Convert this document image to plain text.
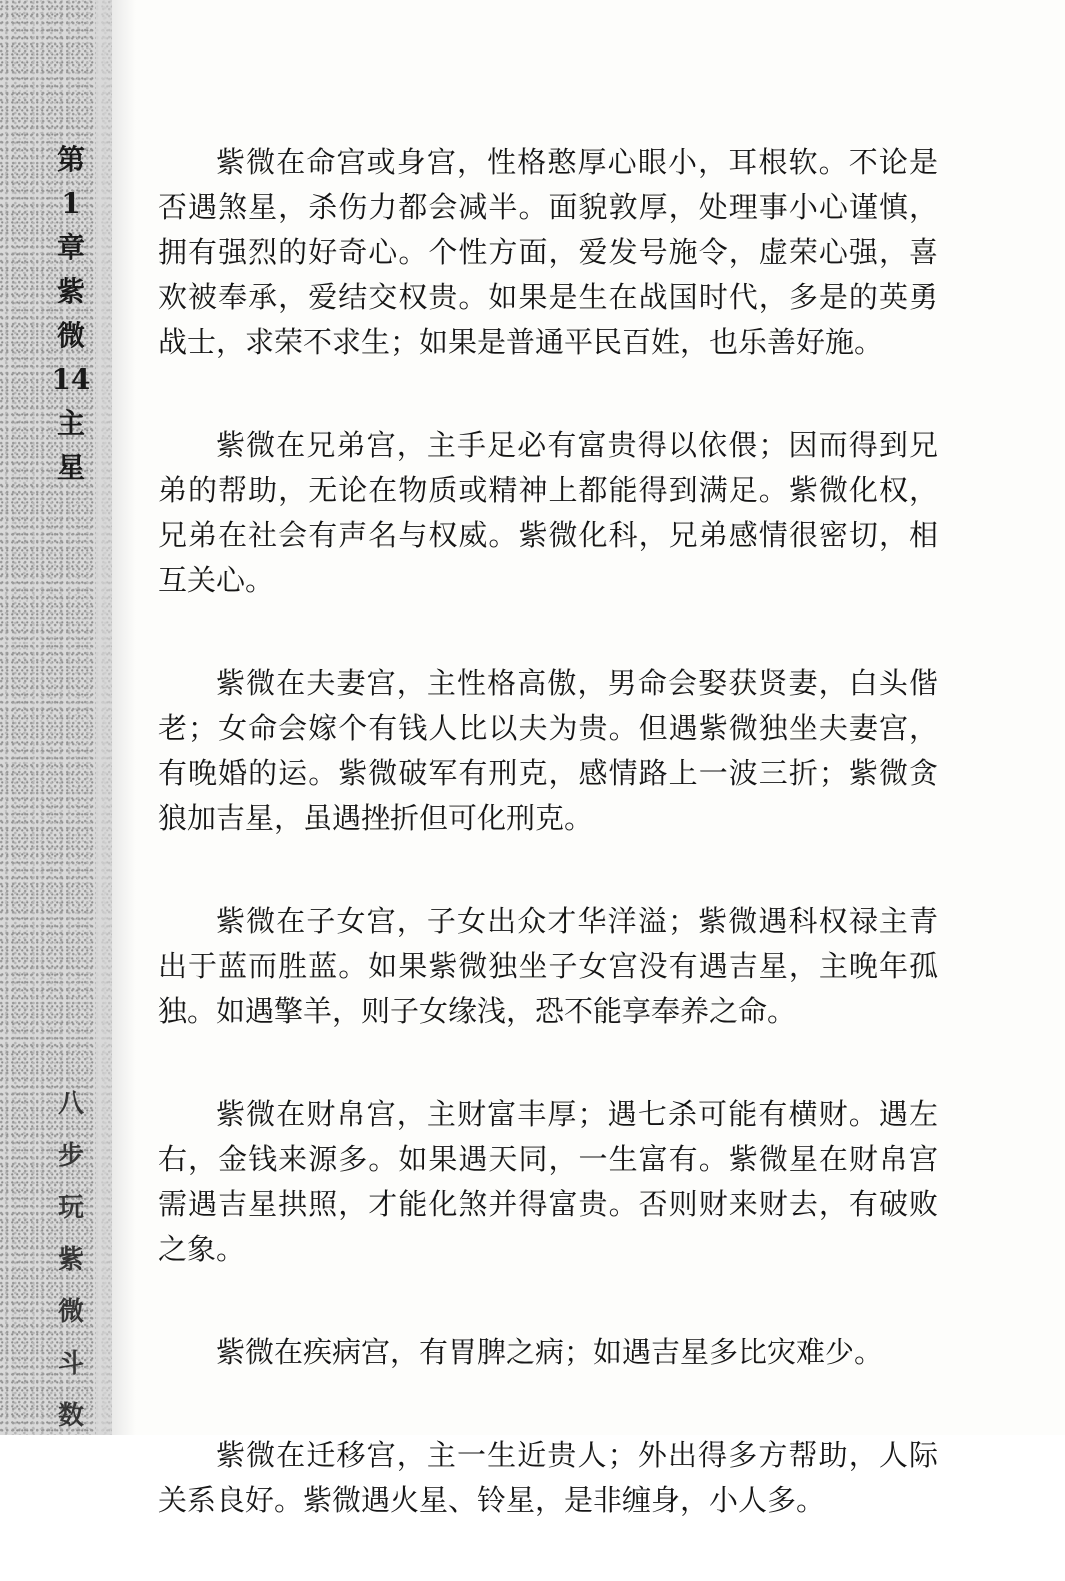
第
1
章
紫
微
14
主
星
八
步
玩
紫
微
斗
数

紫微在命宫或身宫，性格憨厚心眼小，耳根软。不论是否遇煞星，杀伤力都会减半。面貌敦厚，处理事小心谨慎，拥有强烈的好奇心。个性方面，爱发号施令，虚荣心强，喜欢被奉承，爱结交权贵。如果是生在战国时代，多是的英勇战士，求荣不求生；如果是普通平民百姓，也乐善好施。

紫微在兄弟宫，主手足必有富贵得以依偎；因而得到兄弟的帮助，无论在物质或精神上都能得到满足。紫微化权，兄弟在社会有声名与权威。紫微化科，兄弟感情很密切，相互关心。

紫微在夫妻宫，主性格高傲，男命会娶获贤妻，白头偕老；女命会嫁个有钱人比以夫为贵。但遇紫微独坐夫妻宫，有晚婚的运。紫微破军有刑克，感情路上一波三折；紫微贪狼加吉星，虽遇挫折但可化刑克。

紫微在子女宫，子女出众才华洋溢；紫微遇科权禄主青出于蓝而胜蓝。如果紫微独坐子女宫没有遇吉星，主晚年孤独。如遇擎羊，则子女缘浅，恐不能享奉养之命。

紫微在财帛宫，主财富丰厚；遇七杀可能有横财。遇左右，金钱来源多。如果遇天同，一生富有。紫微星在财帛宫需遇吉星拱照，才能化煞并得富贵。否则财来财去，有破败之象。

紫微在疾病宫，有胃脾之病；如遇吉星多比灾难少。

紫微在迁移宫，主一生近贵人；外出得多方帮助，人际关系良好。紫微遇火星、铃星，是非缠身，小人多。
